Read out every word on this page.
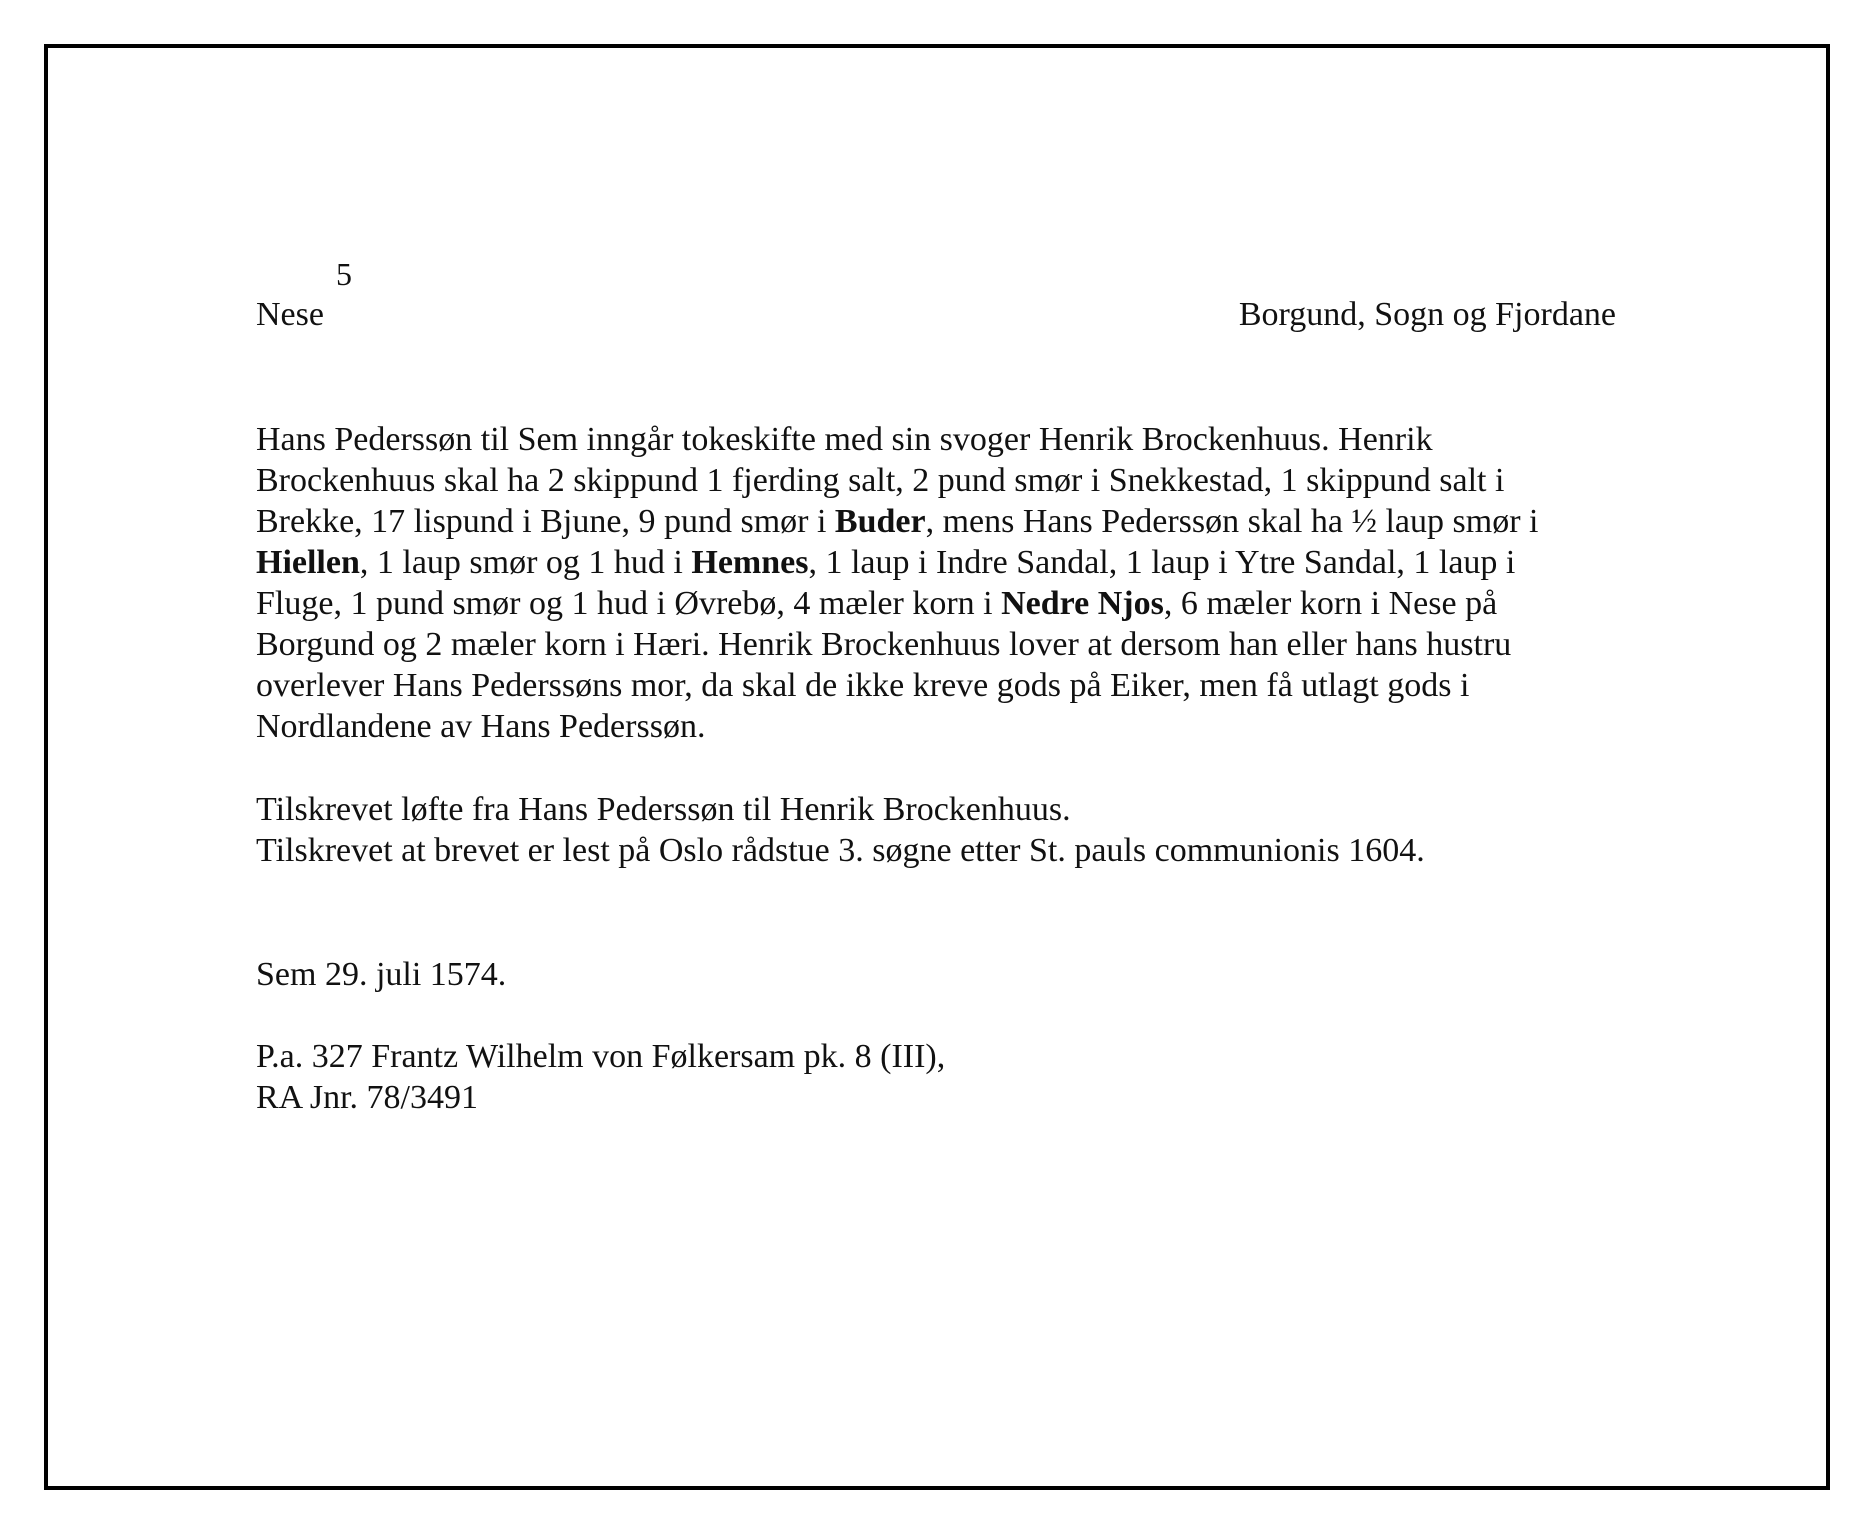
5
Nese	Borgund, Sogn og Fjordane
Hans Pederssøn til Sem inngår tokeskifte med sin svoger Henrik Brockenhuus. Henrik
Brockenhuus skal ha 2 skippund 1 fjerding salt, 2 pund smør i Snekkestad, 1 skippund salt i
Brekke, 17 lispund i Bjune, 9 pund smør i Buder, mens Hans Pederssøn skal ha ½ laup smør i
Hiellen, 1 laup smør og 1 hud i Hemnes, 1 laup i Indre Sandal, 1 laup i Ytre Sandal, 1 laup i
Fluge, 1 pund smør og 1 hud i Øvrebø, 4 mæler korn i Nedre Njos, 6 mæler korn i Nese på
Borgund og 2 mæler korn i Hæri. Henrik Brockenhuus lover at dersom han eller hans hustru
overlever Hans Pederssøns mor, da skal de ikke kreve gods på Eiker, men få utlagt gods i
Nordlandene av Hans Pederssøn.
Tilskrevet løfte fra Hans Pederssøn til Henrik Brockenhuus.
Tilskrevet at brevet er lest på Oslo rådstue 3. søgne etter St. pauls communionis 1604.
Sem 29. juli 1574.
P.a. 327 Frantz Wilhelm von Følkersam pk. 8 (III),
RA Jnr. 78/3491
